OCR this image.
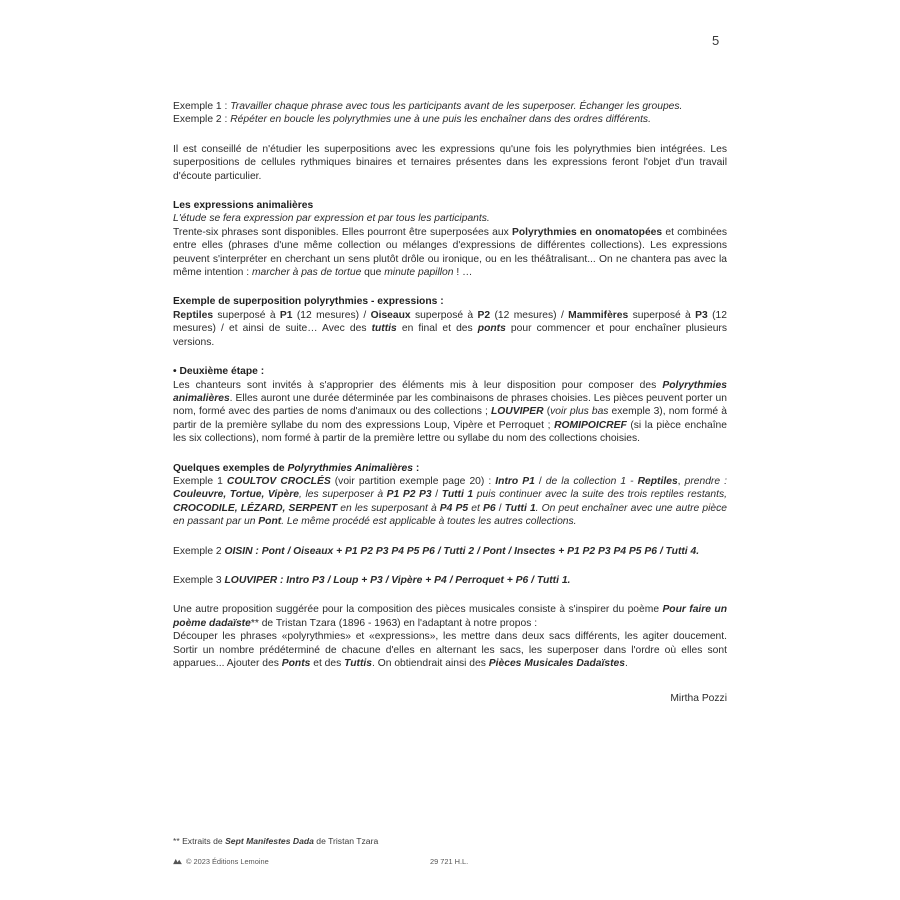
5

Exemple 1 : Travailler chaque phrase avec tous les participants avant de les superposer. Échanger les groupes.

Exemple 2 : Répéter en boucle les polyrythmies une à une puis les enchaîner dans des ordres différents.

Il est conseillé de n'étudier les superpositions avec les expressions qu'une fois les polyrythmies bien intégrées. Les superpositions de cellules rythmiques binaires et ternaires présentes dans les expressions feront l'objet d'un travail d'écoute particulier.

Les expressions animalières

L'étude se fera expression par expression et par tous les participants.

Trente-six phrases sont disponibles. Elles pourront être superposées aux Polyrythmies en onomatopées et combinées entre elles (phrases d'une même collection ou mélanges d'expressions de différentes collections). Les expressions peuvent s'interpréter en cherchant un sens plutôt drôle ou ironique, ou en les théâtralisant... On ne chantera pas avec la même intention : marcher à pas de tortue que minute papillon ! …

Exemple de superposition polyrythmies - expressions :

Reptiles superposé à P1 (12 mesures) / Oiseaux superposé à P2 (12 mesures) / Mammifères superposé à P3 (12 mesures) / et ainsi de suite… Avec des tuttis en final et des ponts pour commencer et pour enchaîner plusieurs versions.

• Deuxième étape :

Les chanteurs sont invités à s'approprier des éléments mis à leur disposition pour composer des Polyrythmies animalières. Elles auront une durée déterminée par les combinaisons de phrases choisies. Les pièces peuvent porter un nom, formé avec des parties de noms d'animaux ou des collections ; LOUVIPER (voir plus bas exemple 3), nom formé à partir de la première syllabe du nom des expressions Loup, Vipère et Perroquet ; ROMIPOICREF (si la pièce enchaîne les six collections), nom formé à partir de la première lettre ou syllabe du nom des collections choisies.

Quelques exemples de Polyrythmies Animalières :

Exemple 1 COULTOV CROCLÉS (voir partition exemple page 20) : Intro P1 / de la collection 1 - Reptiles, prendre : Couleuvre, Tortue, Vipère, les superposer à P1 P2 P3 / Tutti 1 puis continuer avec la suite des trois reptiles restants, CROCODILE, LÉZARD, SERPENT en les superposant à P4 P5 et P6 / Tutti 1. On peut enchaîner avec une autre pièce en passant par un Pont. Le même procédé est applicable à toutes les autres collections.

Exemple 2 OISIN : Pont / Oiseaux + P1 P2 P3 P4 P5 P6 / Tutti 2 / Pont / Insectes + P1 P2 P3 P4 P5 P6 / Tutti 4.

Exemple 3 LOUVIPER : Intro P3 / Loup + P3 / Vipère + P4 / Perroquet + P6 / Tutti 1.

Une autre proposition suggérée pour la composition des pièces musicales consiste à s'inspirer du poème Pour faire un poème dadaïste** de Tristan Tzara (1896 - 1963) en l'adaptant à notre propos :

Découper les phrases «polyrythmies» et «expressions», les mettre dans deux sacs différents, les agiter doucement. Sortir un nombre prédéterminé de chacune d'elles en alternant les sacs, les superposer dans l'ordre où elles sont apparues... Ajouter des Ponts et des Tuttis. On obtiendrait ainsi des Pièces Musicales Dadaïstes.

Mirtha Pozzi

** Extraits de Sept Manifestes Dada de Tristan Tzara
© 2023 Éditions Lemoine	29 721 H.L.
